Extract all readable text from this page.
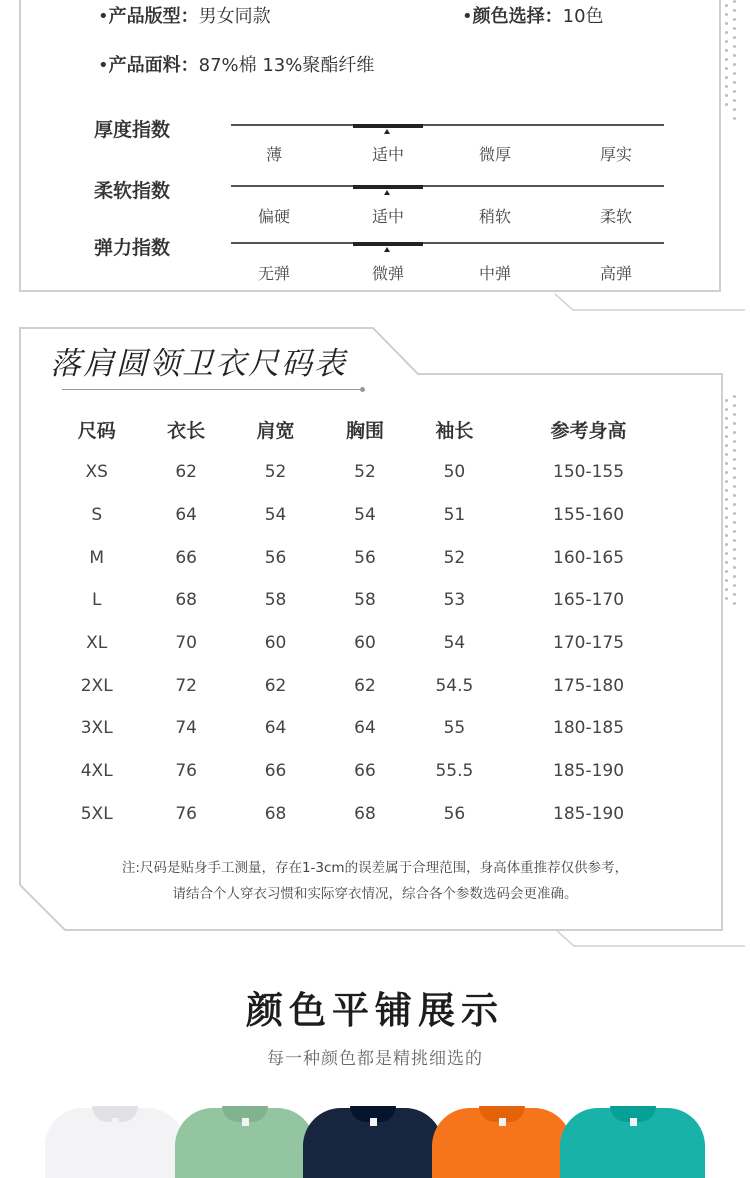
•产品版型：男女同款	•颜色选择：10色
•产品面料：87%棉 13%聚酯纤维
厚度指数
薄	适中	微厚	厚实
柔软指数
偏硬	适中	稍软	柔软
弹力指数
无弹	微弹	中弹	高弹
落肩圆领卫衣尺码表
尺码	衣长	肩宽	胸围	袖长	参考身高
XS	62	52	52	50	150-155
S	64	54	54	51	155-160
M	66	56	56	52	160-165
L	68	58	58	53	165-170
XL	70	60	60	54	170-175
2XL	72	62	62	54.5	175-180
3XL	74	64	64	55	180-185
4XL	76	66	66	55.5	185-190
5XL	76	68	68	56	185-190
注:尺码是贴身手工测量，存在1-3cm的误差属于合理范围，身高体重推荐仅供参考，
请结合个人穿衣习惯和实际穿衣情况，综合各个参数选码会更准确。
颜色平铺展示
每一种颜色都是精挑细选的
